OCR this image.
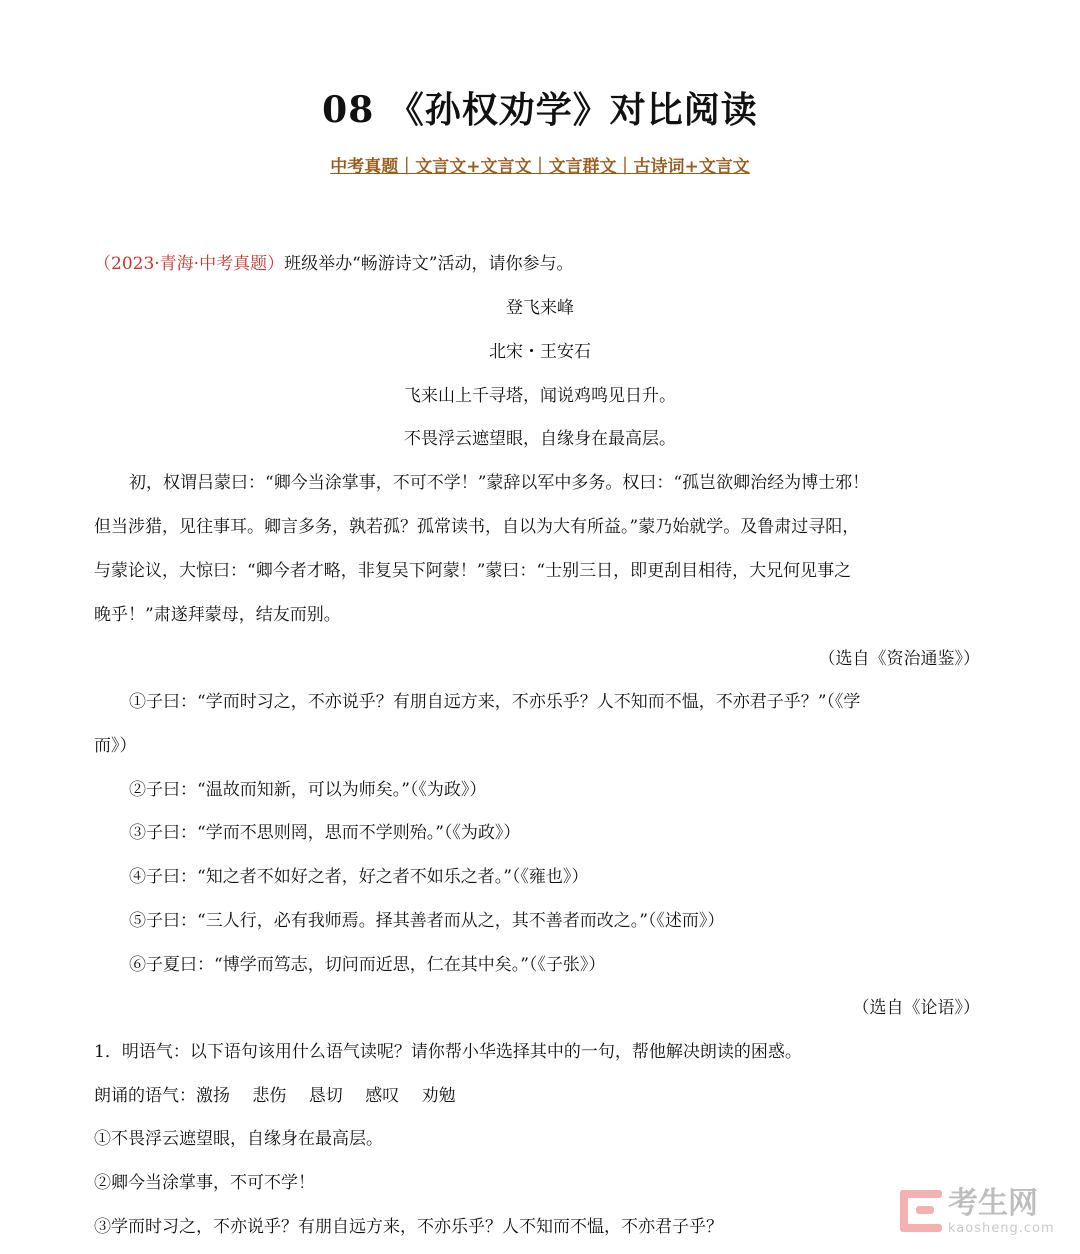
08 《孙权劝学》对比阅读
中考真题｜文言文+文言文｜文言群文｜古诗词+文言文
（2023·青海·中考真题）班级举办“畅游诗文”活动，请你参与。
登飞来峰
北宋・王安石
飞来山上千寻塔，闻说鸡鸣见日升。
不畏浮云遮望眼，自缘身在最高层。
初，权谓吕蒙曰：“卿今当涂掌事，不可不学！”蒙辞以军中多务。权曰：“孤岂欲卿治经为博士邪！
但当涉猎，见往事耳。卿言多务，孰若孤？孤常读书，自以为大有所益。”蒙乃始就学。及鲁肃过寻阳，
与蒙论议，大惊曰：“卿今者才略，非复吴下阿蒙！”蒙曰：“士别三日，即更刮目相待，大兄何见事之
晚乎！”肃遂拜蒙母，结友而别。
（选自《资治通鉴》）
①子曰：“学而时习之，不亦说乎？有朋自远方来，不亦乐乎？人不知而不愠，不亦君子乎？”（《学
而》）
②子曰：“温故而知新，可以为师矣。”（《为政》）
③子曰：“学而不思则罔，思而不学则殆。”（《为政》）
④子曰：“知之者不如好之者，好之者不如乐之者。”（《雍也》）
⑤子曰：“三人行，必有我师焉。择其善者而从之，其不善者而改之。”（《述而》）
⑥子夏曰：“博学而笃志，切问而近思，仁在其中矣。”（《子张》）
（选自《论语》）
1．明语气：以下语句该用什么语气读呢？请你帮小华选择其中的一句，帮他解决朗读的困惑。
朗诵的语气：激扬　 悲伤　 恳切　 感叹　 劝勉
①不畏浮云遮望眼，自缘身在最高层。
②卿今当涂掌事，不可不学！
③学而时习之，不亦说乎？有朋自远方来，不亦乐乎？人不知而不愠，不亦君子乎？
考生网
kaosheng.com
